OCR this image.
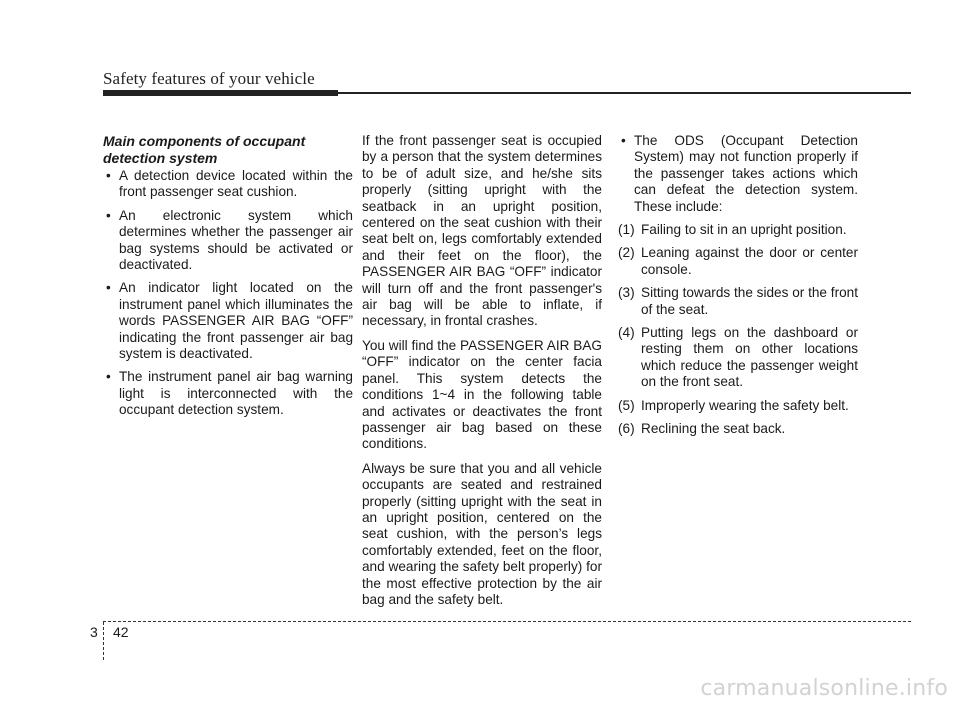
Safety features of your vehicle
Main components of occupant detection system
• A detection device located within the front passenger seat cushion.
• An electronic system which determines whether the passenger air bag systems should be activated or deactivated.
• An indicator light located on the instrument panel which illuminates the words PASSENGER AIR BAG “OFF” indicating the front passenger air bag system is deactivated.
• The instrument panel air bag warning light is interconnected with the occupant detection system.

If the front passenger seat is occupied by a person that the system determines to be of adult size, and he/she sits properly (sitting upright with the seatback in an upright position, centered on the seat cushion with their seat belt on, legs comfortably extended and their feet on the floor), the PASSENGER AIR BAG “OFF” indicator will turn off and the front passenger's air bag will be able to inflate, if necessary, in frontal crashes.

You will find the PASSENGER AIR BAG “OFF” indicator on the center facia panel. This system detects the conditions 1~4 in the following table and activates or deactivates the front passenger air bag based on these conditions.

Always be sure that you and all vehicle occupants are seated and restrained properly (sitting upright with the seat in an upright position, centered on the seat cushion, with the person’s legs comfortably extended, feet on the floor, and wearing the safety belt properly) for the most effective protection by the air bag and the safety belt.

• The ODS (Occupant Detection System) may not function properly if the passenger takes actions which can defeat the detection system. These include:
(1) Failing to sit in an upright position.
(2) Leaning against the door or center console.
(3) Sitting towards the sides or the front of the seat.
(4) Putting legs on the dashboard or resting them on other locations which reduce the passenger weight on the front seat.
(5) Improperly wearing the safety belt.
(6) Reclining the seat back.
3 42
carmanualsonline.info
